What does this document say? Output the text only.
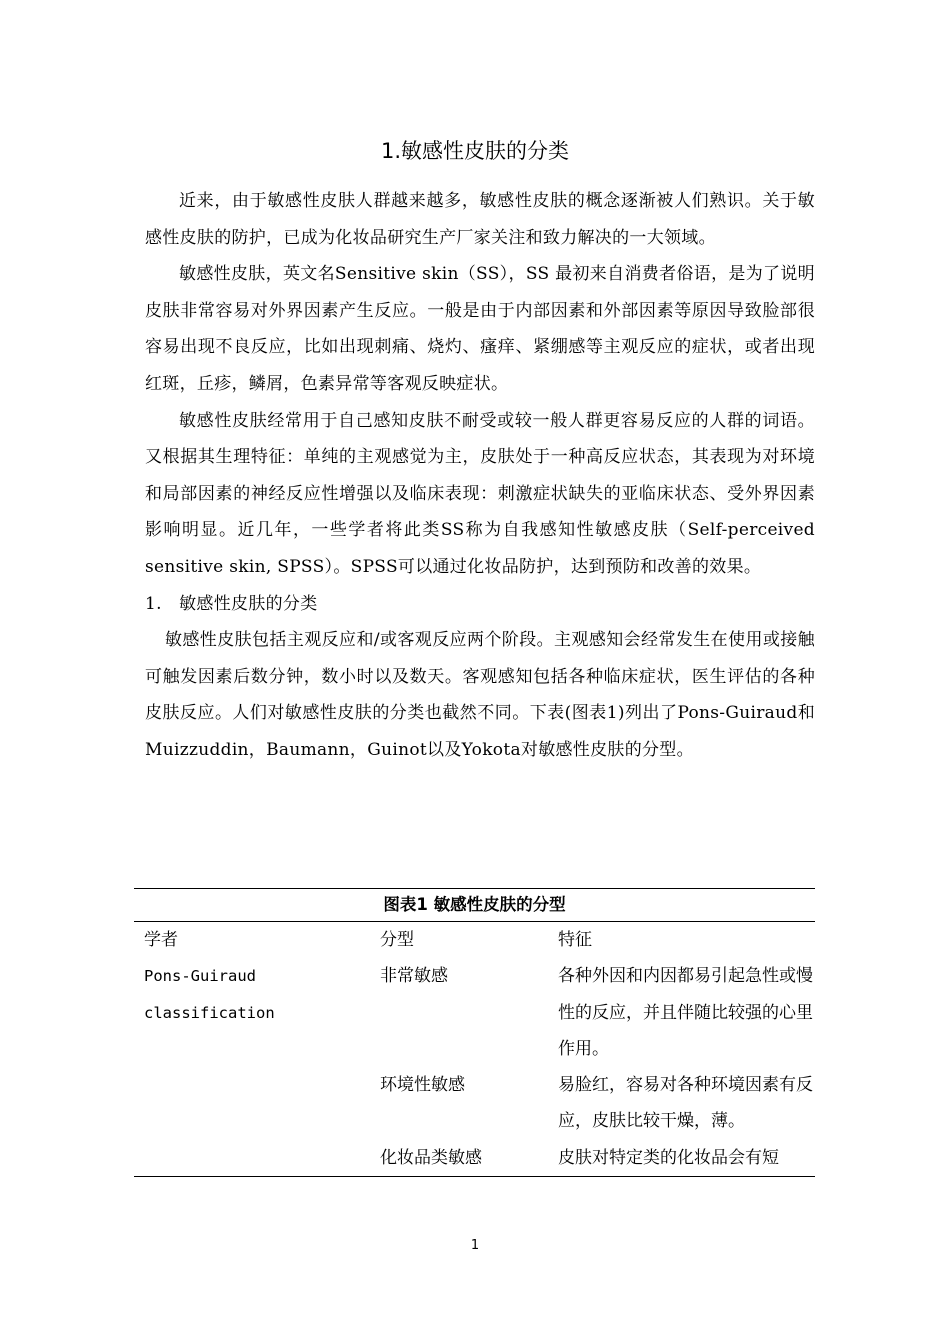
1.敏感性皮肤的分类

近来，由于敏感性皮肤人群越来越多，敏感性皮肤的概念逐渐被人们熟识。关于敏感性皮肤的防护，已成为化妆品研究生产厂家关注和致力解决的一大领域。

敏感性皮肤，英文名Sensitive skin（SS），SS 最初来自消费者俗语，是为了说明皮肤非常容易对外界因素产生反应。一般是由于内部因素和外部因素等原因导致脸部很容易出现不良反应，比如出现刺痛、烧灼、瘙痒、紧绷感等主观反应的症状，或者出现红斑，丘疹，鳞屑，色素异常等客观反映症状。

敏感性皮肤经常用于自己感知皮肤不耐受或较一般人群更容易反应的人群的词语。又根据其生理特征：单纯的主观感觉为主，皮肤处于一种高反应状态，其表现为对环境和局部因素的神经反应性增强以及临床表现：刺激症状缺失的亚临床状态、受外界因素影响明显。近几年，一些学者将此类SS称为自我感知性敏感皮肤（Self-perceived sensitive skin, SPSS）。SPSS可以通过化妆品防护，达到预防和改善的效果。

1.　敏感性皮肤的分类

敏感性皮肤包括主观反应和/或客观反应两个阶段。主观感知会经常发生在使用或接触可触发因素后数分钟，数小时以及数天。客观感知包括各种临床症状，医生评估的各种皮肤反应。人们对敏感性皮肤的分类也截然不同。下表(图表1)列出了Pons-Guiraud和Muizzuddin，Baumann，Guinot以及Yokota对敏感性皮肤的分型。

图表1 敏感性皮肤的分型
学者	分型	特征
Pons-Guiraud classification	非常敏感	各种外因和内因都易引起急性或慢性的反应，并且伴随比较强的心里作用。
	环境性敏感	易脸红，容易对各种环境因素有反应，皮肤比较干燥，薄。
	化妆品类敏感	皮肤对特定类的化妆品会有短
1
